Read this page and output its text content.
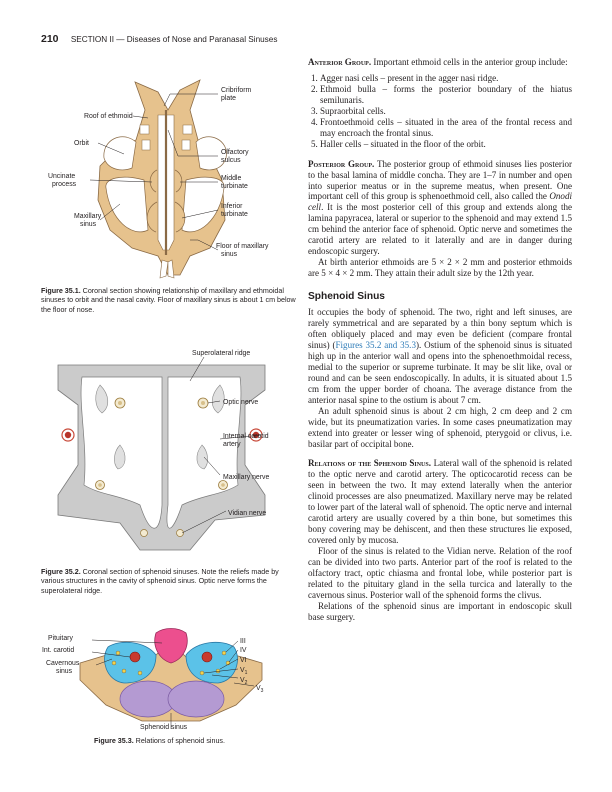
210 SECTION II — Diseases of Nose and Paranasal Sinuses
Cribriform
plate
Roof of ethmoid
Orbit
Olfactory
sulcus
Uncinate
process
Middle
turbinate
Inferior
turbinate
Maxillary
sinus
Floor of maxillary
sinus
Figure 35.1. Coronal section showing relationship of maxillary and ethmoidal sinuses to orbit and the nasal cavity. Floor of maxillary sinus is about 1 cm below the floor of nose.
Superolateral ridge
Optic nerve
Internal carotid
artery
Maxillary nerve
Vidian nerve
Figure 35.2. Coronal section of sphenoid sinuses. Note the reliefs made by various structures in the cavity of sphenoid sinus. Optic nerve forms the superolateral ridge.
Pituitary
Int. carotid
Cavernous
sinus
III
IV
VI
$V_1$
$V_2$
$V_3$
Sphenoid sinus
Figure 35.3. Relations of sphenoid sinus.

Anterior Group. Important ethmoid cells in the anterior group include:

1. Agger nasi cells – present in the agger nasi ridge.
2. Ethmoid bulla – forms the posterior boundary of the hiatus semilunaris.
3. Supraorbital cells.
4. Frontoethmoid cells – situated in the area of the frontal recess and may encroach the frontal sinus.
5. Haller cells – situated in the floor of the orbit.

Posterior Group. The posterior group of ethmoid sinuses lies posterior to the basal lamina of middle concha. They are 1–7 in number and open into superior meatus or in the supreme meatus, when present. One important cell of this group is sphenoethmoid cell, also called the Onodi cell. It is the most posterior cell of this group and extends along the lamina papyracea, lateral or superior to the sphenoid and may extend 1.5 cm behind the anterior face of sphenoid. Optic nerve and sometimes the carotid artery are related to it laterally and are in danger during endoscopic surgery.

At birth anterior ethmoids are 5 × 2 × 2 mm and posterior ethmoids are 5 × 4 × 2 mm. They attain their adult size by the 12th year.

Sphenoid Sinus

It occupies the body of sphenoid. The two, right and left sinuses, are rarely symmetrical and are separated by a thin bony septum which is often obliquely placed and may even be deficient (compare frontal sinus) (Figures 35.2 and 35.3). Ostium of the sphenoid sinus is situated high up in the anterior wall and opens into the sphenoethmoidal recess, medial to the superior or supreme turbinate. It may be slit like, oval or round and can be seen endoscopically. In adults, it is situated about 1.5 cm from the upper border of choana. The average distance from the anterior nasal spine to the ostium is about 7 cm.

An adult sphenoid sinus is about 2 cm high, 2 cm deep and 2 cm wide, but its pneumatization varies. In some cases pneumatization may extend into greater or lesser wing of sphenoid, pterygoid or clivus, i.e. basilar part of occipital bone.

Relations of the Sphenoid Sinus. Lateral wall of the sphenoid is related to the optic nerve and carotid artery. The opticocarotid recess can be seen in between the two. It may extend laterally when the anterior clinoid processes are also pneumatized. Maxillary nerve may be related to lower part of the lateral wall of sphenoid. The optic nerve and internal carotid artery are usually covered by a thin bone, but sometimes this bony covering may be dehiscent, and then these structures lie exposed, covered only by mucosa.

Floor of the sinus is related to the Vidian nerve. Relation of the roof can be divided into two parts. Anterior part of the roof is related to the olfactory tract, optic chiasma and frontal lobe, while posterior part is related to the pituitary gland in the sella turcica and laterally to the cavernous sinus. Posterior wall of the sphenoid forms the clivus.

Relations of the sphenoid sinus are important in endoscopic skull base surgery.
